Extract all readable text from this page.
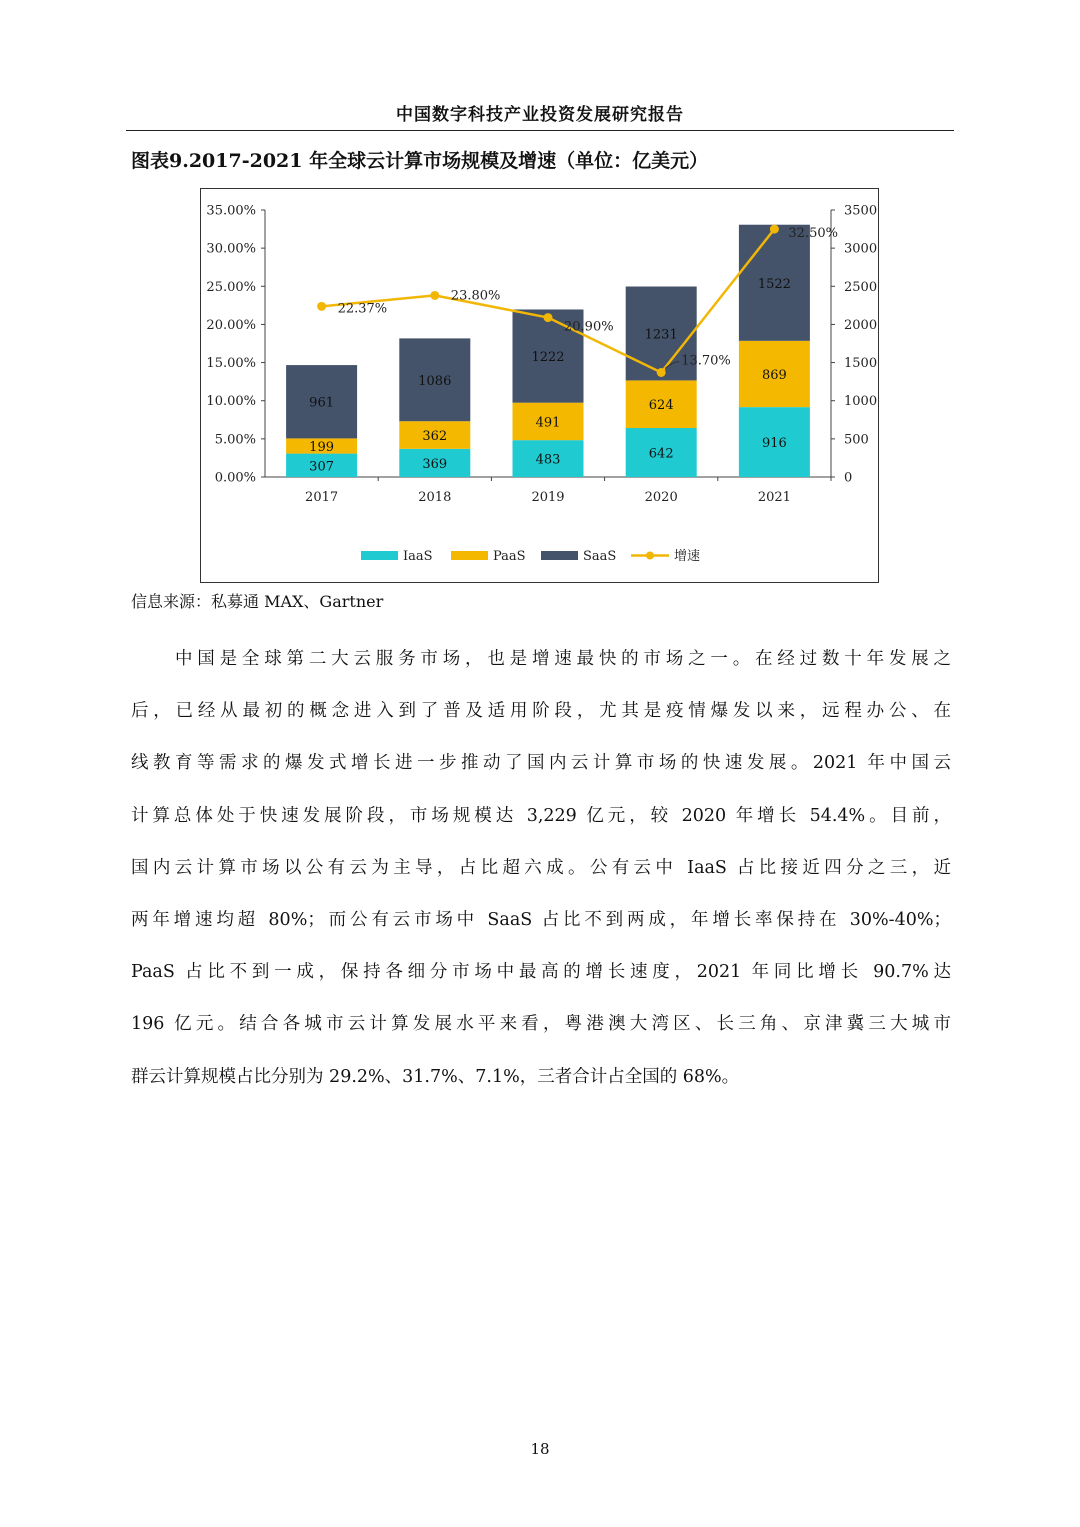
中国数字科技产业投资发展研究报告
图表9.2017-2021 年全球云计算市场规模及增速（单位：亿美元）
0.00%
5.00%
10.00%
15.00%
20.00%
25.00%
30.00%
35.00%
0
500
1000
1500
2000
2500
3000
3500
2017
307
199
961
2018
369
362
1086
2019
483
491
1222
2020
642
624
1231
2021
916
869
1522
22.37%
23.80%
20.90%
13.70%
32.50%
IaaS	PaaS	SaaS	增速
信息来源：私募通 MAX、Gartner
中国是全球第二大云服务市场，也是增速最快的市场之一。在经过数十年发展之
后，已经从最初的概念进入到了普及适用阶段，尤其是疫情爆发以来，远程办公、在
线教育等需求的爆发式增长进一步推动了国内云计算市场的快速发展。2021 年中国云
计算总体处于快速发展阶段，市场规模达 3,229 亿元，较 2020 年增长 54.4%。目前，
国内云计算市场以公有云为主导，占比超六成。公有云中 IaaS 占比接近四分之三，近
两年增速均超 80%；而公有云市场中 SaaS 占比不到两成，年增长率保持在 30%-40%；
PaaS 占比不到一成，保持各细分市场中最高的增长速度，2021 年同比增长 90.7%达
196 亿元。结合各城市云计算发展水平来看，粤港澳大湾区、长三角、京津冀三大城市
群云计算规模占比分别为 29.2%、31.7%、7.1%，三者合计占全国的 68%。
18
